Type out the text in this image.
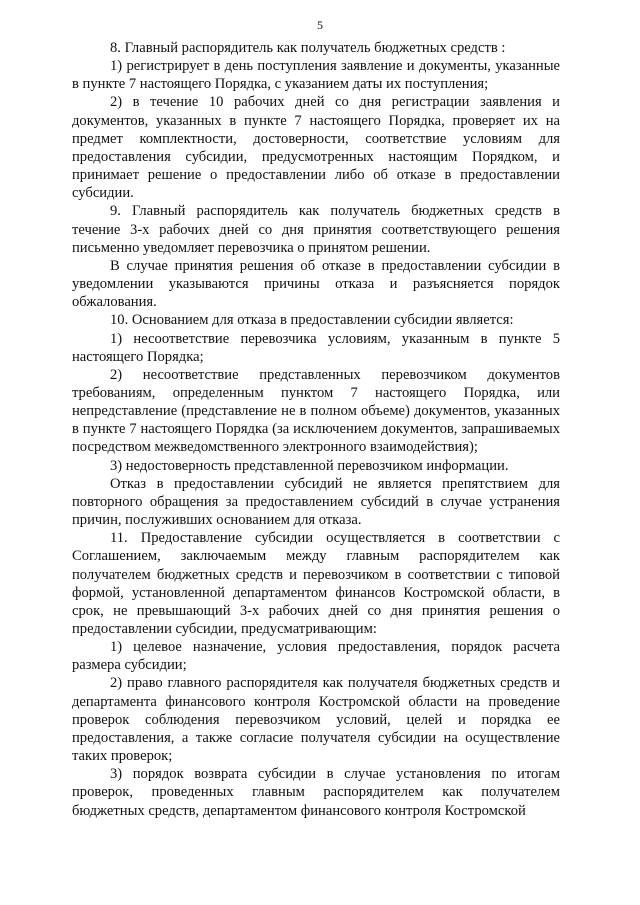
5

8. Главный распорядитель как получатель бюджетных средств :

1) регистрирует в день поступления заявление и документы, указанные в пункте 7 настоящего Порядка, с указанием даты их поступления;

2) в течение 10 рабочих дней со дня регистрации заявления и документов, указанных в пункте 7 настоящего Порядка, проверяет их на предмет комплектности, достоверности, соответствие условиям для предоставления субсидии, предусмотренных настоящим Порядком, и принимает решение о предоставлении либо об отказе в предоставлении субсидии.

9. Главный распорядитель как получатель бюджетных средств в течение 3-х рабочих дней со дня принятия соответствующего решения письменно уведомляет перевозчика о принятом решении.

В случае принятия решения об отказе в предоставлении субсидии в уведомлении указываются причины отказа и разъясняется порядок обжалования.

10. Основанием для отказа в предоставлении субсидии является:

1) несоответствие перевозчика условиям, указанным в пункте 5 настоящего Порядка;

2) несоответствие представленных перевозчиком документов требованиям, определенным пунктом 7 настоящего Порядка, или непредставление (представление не в полном объеме) документов, указанных в пункте 7 настоящего Порядка (за исключением документов, запрашиваемых посредством межведомственного электронного взаимодействия);

3) недостоверность представленной перевозчиком информации.

Отказ в предоставлении субсидий не является препятствием для повторного обращения за предоставлением субсидий в случае устранения причин, послуживших основанием для отказа.

11. Предоставление субсидии осуществляется в соответствии с Соглашением, заключаемым между главным распорядителем как получателем бюджетных средств и перевозчиком в соответствии с типовой формой, установленной департаментом финансов Костромской области, в срок, не превышающий 3-х рабочих дней со дня принятия решения о предоставлении субсидии, предусматривающим:

1) целевое назначение, условия предоставления, порядок расчета размера субсидии;

2) право главного распорядителя как получателя бюджетных средств и департамента финансового контроля Костромской области на проведение проверок соблюдения перевозчиком условий, целей и порядка ее предоставления, а также согласие получателя субсидии на осуществление таких проверок;

3) порядок возврата субсидии в случае установления по итогам проверок, проведенных главным распорядителем как получателем бюджетных средств, департаментом финансового контроля Костромской
